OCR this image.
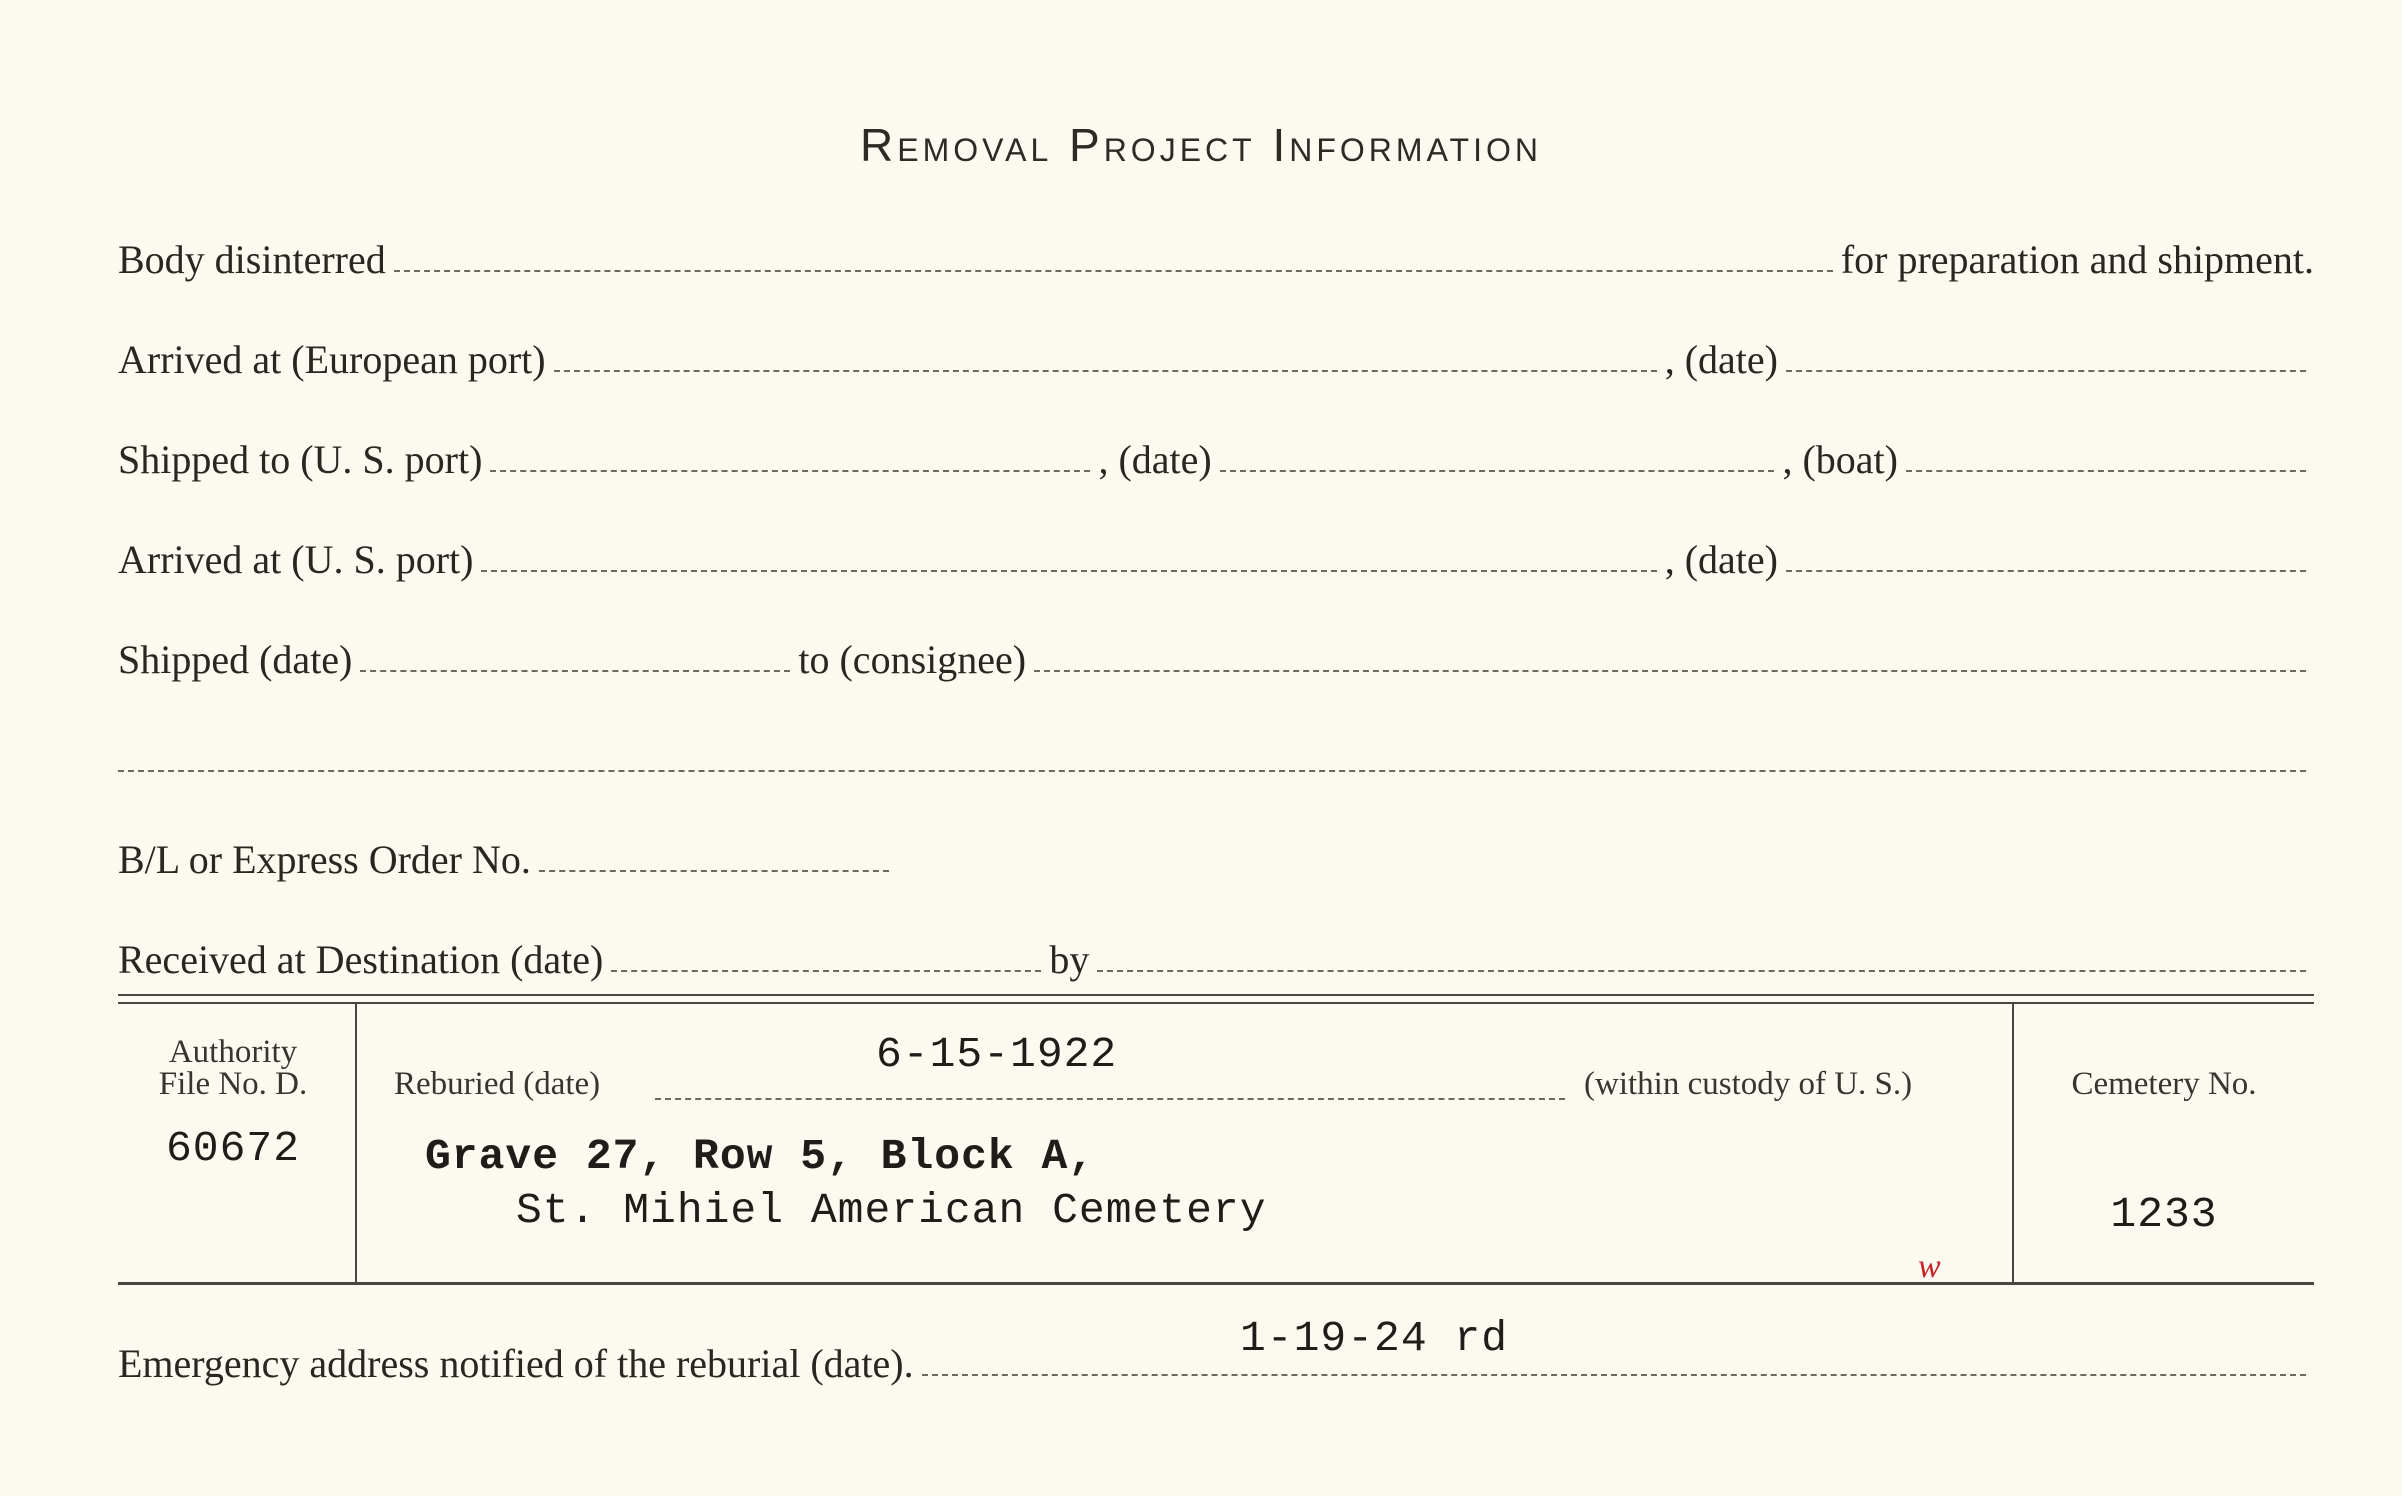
Removal Project Information
Body disinterred	for preparation and shipment.
Arrived at (European port)	, (date)
Shipped to (U. S. port)	, (date)	, (boat)
Arrived at (U. S. port)	, (date)
Shipped (date)	to (consignee)
B/L or Express Order No.
Received at Destination (date)	by
Authority
File No. D.
60672
Reburied (date)
6-15-1922
(within custody of U. S.)
Grave 27, Row 5, Block A,
St. Mihiel American Cemetery
w
Cemetery No.
1233
Emergency address notified of the reburial (date).
1-19-24 rd
